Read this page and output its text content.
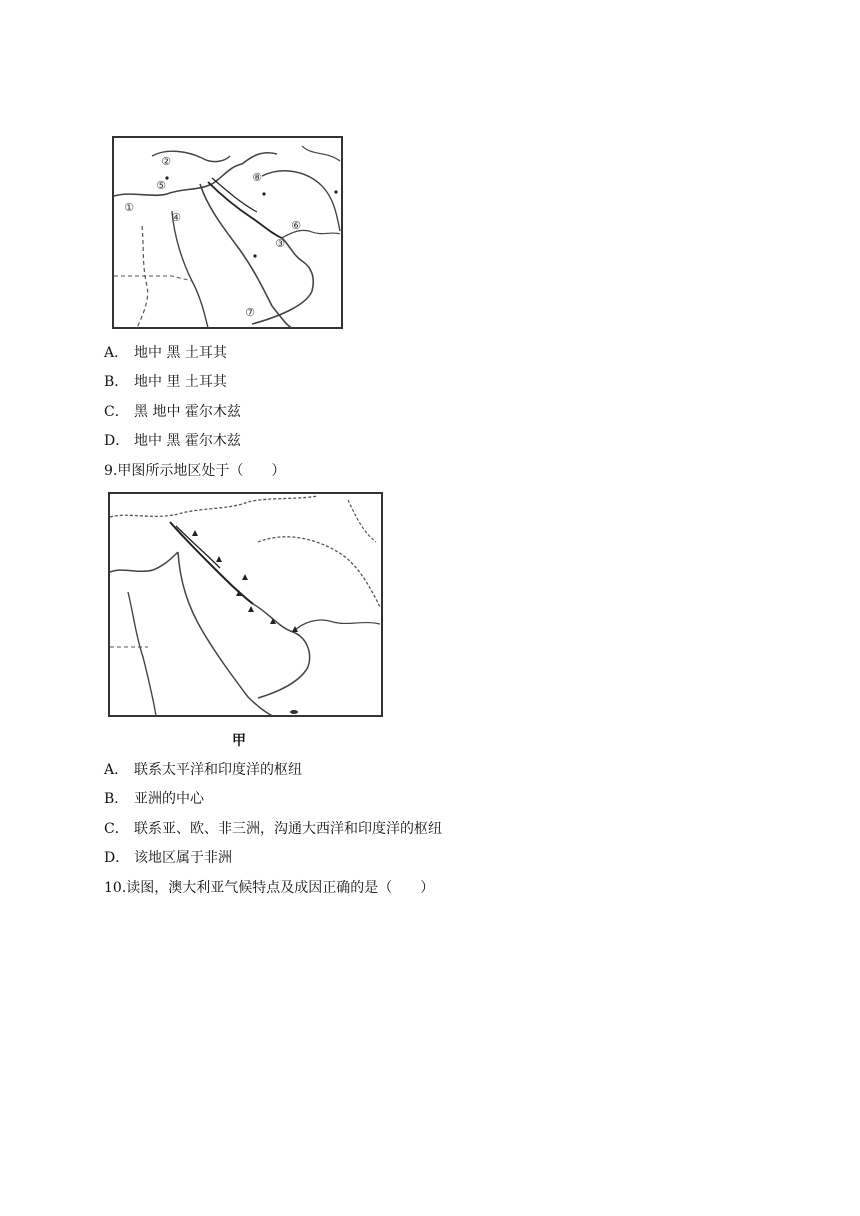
①
②
⑤
④
⑧
⑥
③
⑦
A． 地中 黑 土耳其
B． 地中 里 土耳其
C． 黑 地中 霍尔木兹
D． 地中 黑 霍尔木兹
9.甲图所示地区处于（　　）
甲
A． 联系太平洋和印度洋的枢纽
B． 亚洲的中心
C． 联系亚、欧、非三洲，沟通大西洋和印度洋的枢纽
D． 该地区属于非洲
10.读图，澳大利亚气候特点及成因正确的是（　　）
